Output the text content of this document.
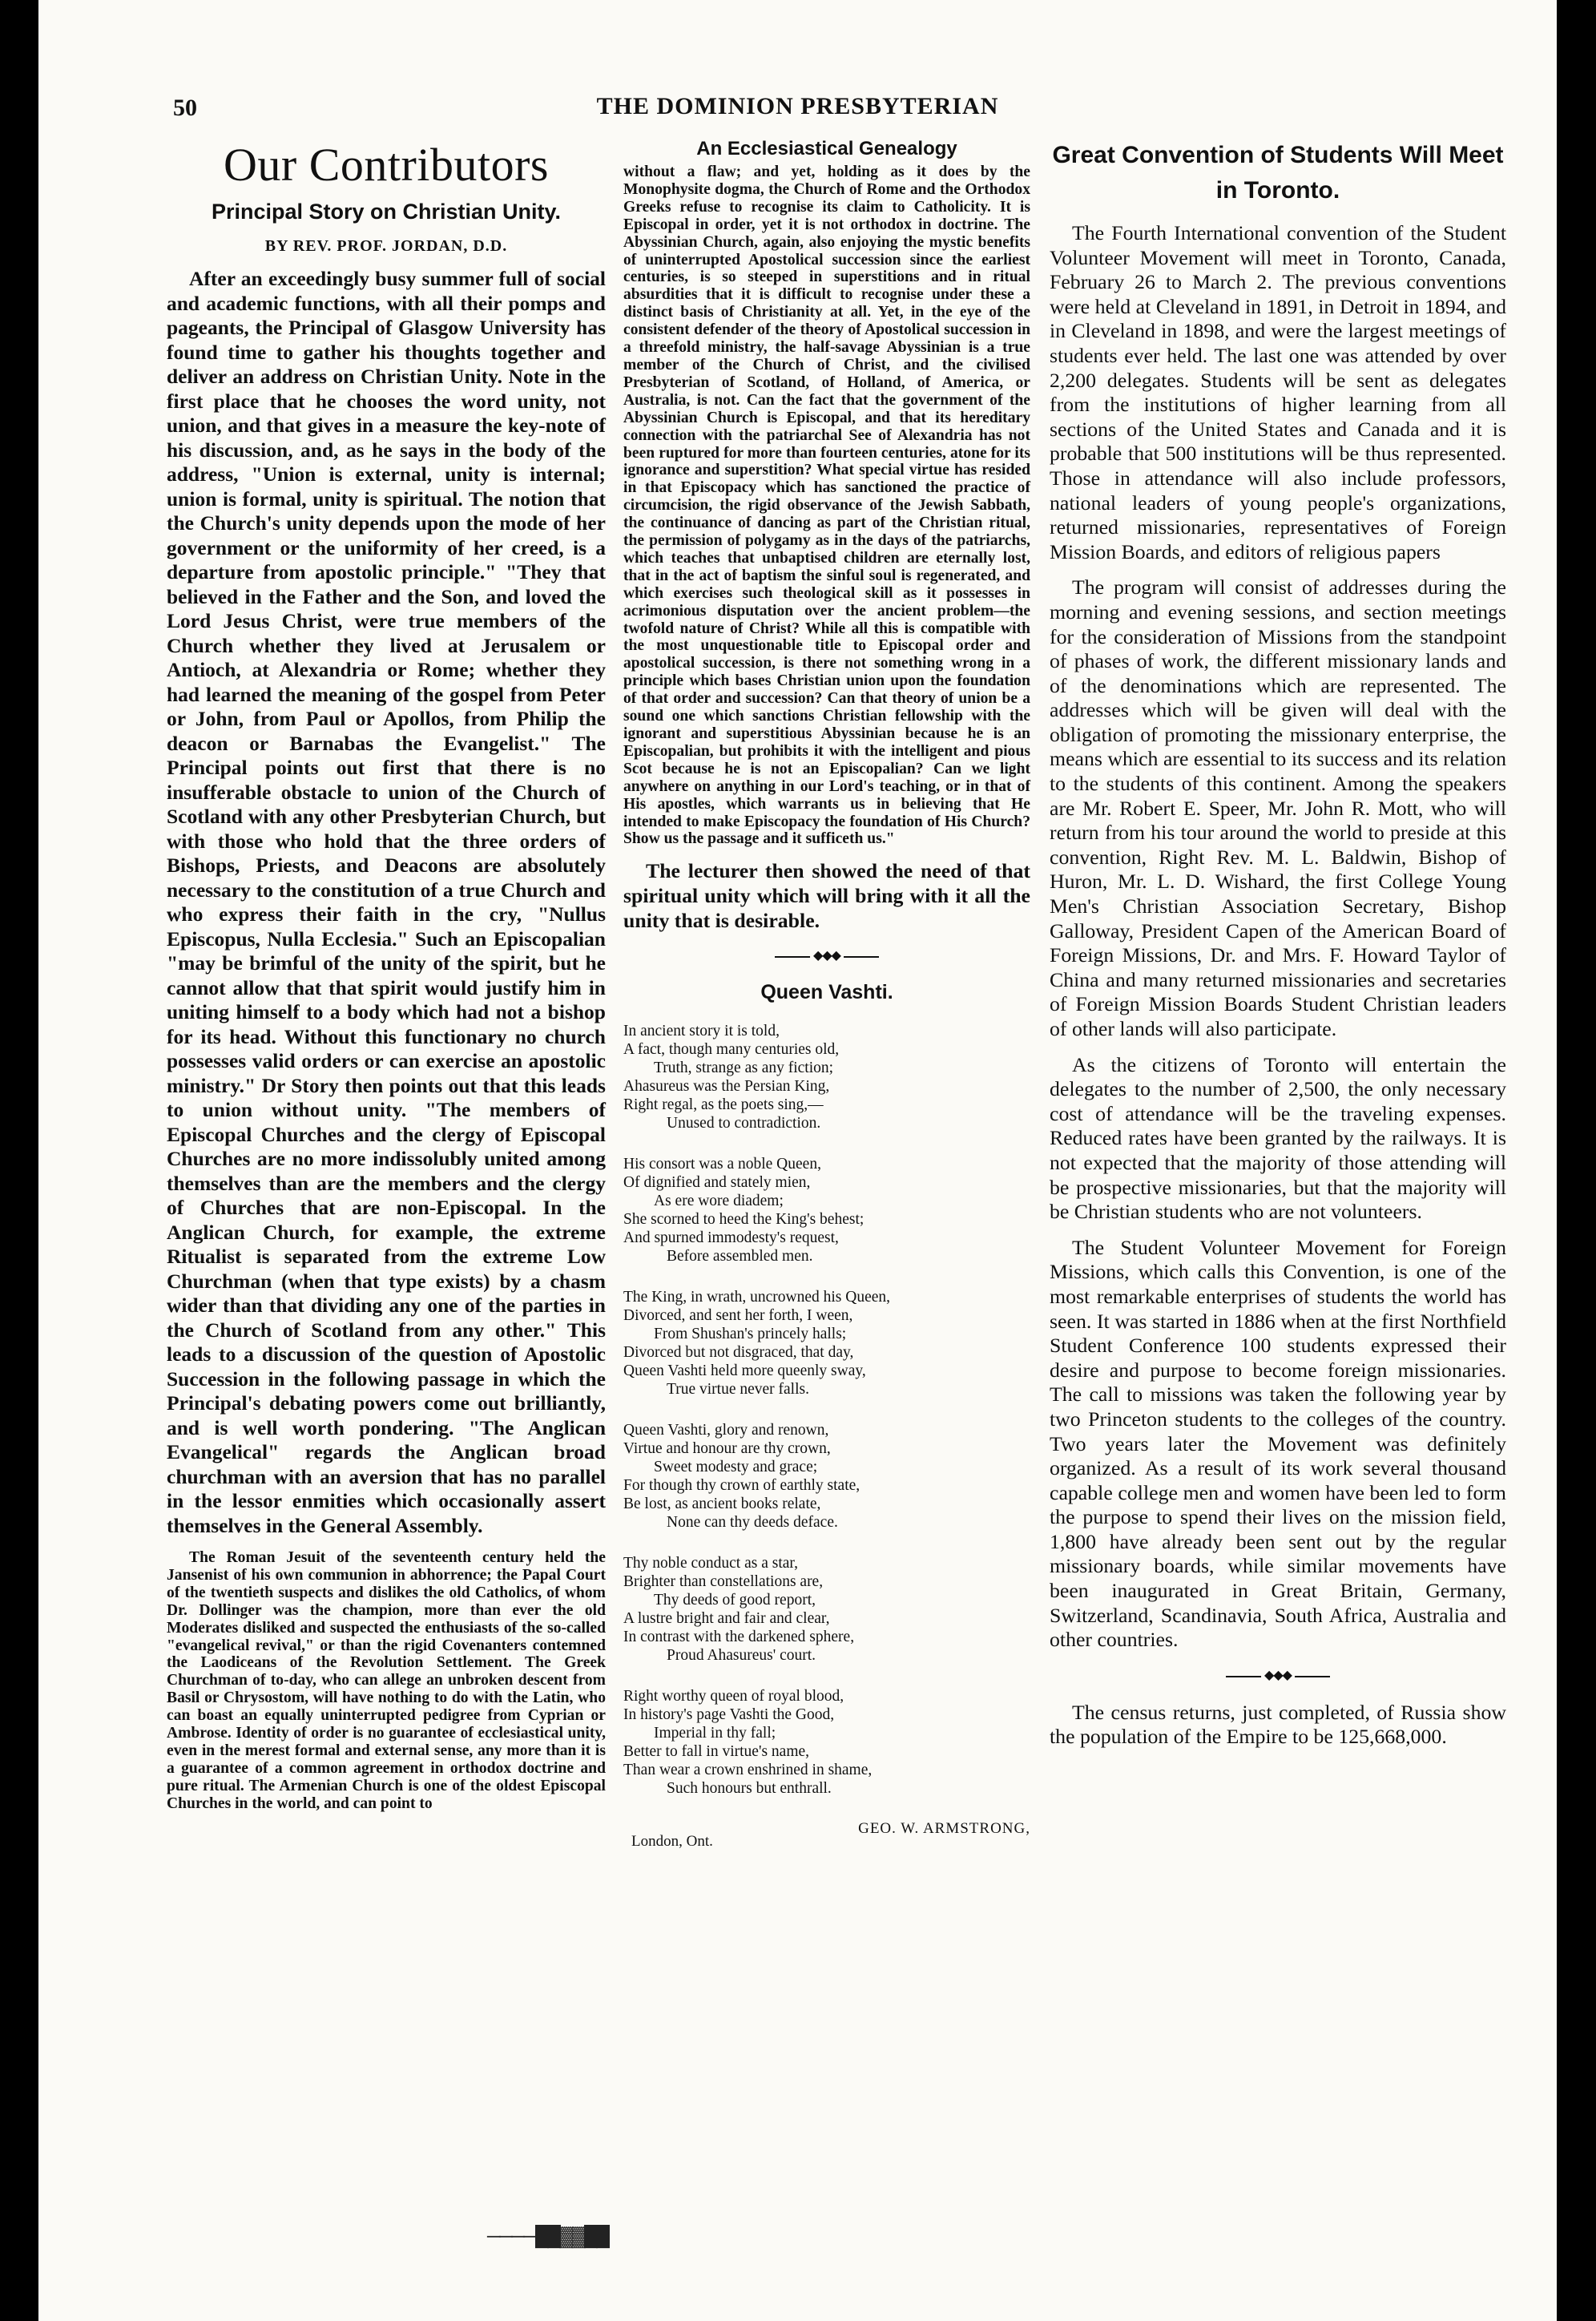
50	THE DOMINION PRESBYTERIAN
Our Contributors
Principal Story on Christian Unity.
BY REV. PROF. JORDAN, D.D.

After an exceedingly busy summer full of social and academic functions, with all their pomps and pageants, the Principal of Glasgow University has found time to gather his thoughts together and deliver an address on Christian Unity. Note in the first place that he chooses the word unity, not union, and that gives in a measure the key-note of his discussion, and, as he says in the body of the address, "Union is external, unity is internal; union is formal, unity is spiritual. The notion that the Church's unity depends upon the mode of her government or the uniformity of her creed, is a departure from apostolic principle." "They that believed in the Father and the Son, and loved the Lord Jesus Christ, were true members of the Church whether they lived at Jerusalem or Antioch, at Alexandria or Rome; whether they had learned the meaning of the gospel from Peter or John, from Paul or Apollos, from Philip the deacon or Barnabas the Evangelist." The Principal points out first that there is no insufferable obstacle to union of the Church of Scotland with any other Presbyterian Church, but with those who hold that the three orders of Bishops, Priests, and Deacons are absolutely necessary to the constitution of a true Church and who express their faith in the cry, "Nullus Episcopus, Nulla Ecclesia." Such an Episcopalian "may be brimful of the unity of the spirit, but he cannot allow that that spirit would justify him in uniting himself to a body which had not a bishop for its head. Without this functionary no church possesses valid orders or can exercise an apostolic ministry." Dr Story then points out that this leads to union without unity. "The members of Episcopal Churches and the clergy of Episcopal Churches are no more indissolubly united among themselves than are the members and the clergy of Churches that are non-Episcopal. In the Anglican Church, for example, the extreme Ritualist is separated from the extreme Low Churchman (when that type exists) by a chasm wider than that dividing any one of the parties in the Church of Scotland from any other." This leads to a discussion of the question of Apostolic Succession in the following passage in which the Principal's debating powers come out brilliantly, and is well worth pondering. "The Anglican Evangelical" regards the Anglican broad churchman with an aversion that has no parallel in the lessor enmities which occasionally assert themselves in the General Assembly.

The Roman Jesuit of the seventeenth century held the Jansenist of his own communion in abhorrence; the Papal Court of the twentieth suspects and dislikes the old Catholics, of whom Dr. Dollinger was the champion, more than ever the old Moderates disliked and suspected the enthusiasts of the so-called "evangelical revival," or than the rigid Covenanters contemned the Laodiceans of the Revolution Settlement. The Greek Churchman of to-day, who can allege an unbroken descent from Basil or Chrysostom, will have nothing to do with the Latin, who can boast an equally uninterrupted pedigree from Cyprian or Ambrose. Identity of order is no guarantee of ecclesiastical unity, even in the merest formal and external sense, any more than it is a guarantee of a common agreement in orthodox doctrine and pure ritual. The Armenian Church is one of the oldest Episcopal Churches in the world, and can point to

An Ecclesiastical Genealogy

without a flaw; and yet, holding as it does by the Monophysite dogma, the Church of Rome and the Orthodox Greeks refuse to recognise its claim to Catholicity. It is Episcopal in order, yet it is not orthodox in doctrine. The Abyssinian Church, again, also enjoying the mystic benefits of uninterrupted Apostolical succession since the earliest centuries, is so steeped in superstitions and in ritual absurdities that it is difficult to recognise under these a distinct basis of Christianity at all. Yet, in the eye of the consistent defender of the theory of Apostolical succession in a threefold ministry, the half-savage Abyssinian is a true member of the Church of Christ, and the civilised Presbyterian of Scotland, of Holland, of America, or Australia, is not. Can the fact that the government of the Abyssinian Church is Episcopal, and that its hereditary connection with the patriarchal See of Alexandria has not been ruptured for more than fourteen centuries, atone for its ignorance and superstition? What special virtue has resided in that Episcopacy which has sanctioned the practice of circumcision, the rigid observance of the Jewish Sabbath, the continuance of dancing as part of the Christian ritual, the permission of polygamy as in the days of the patriarchs, which teaches that unbaptised children are eternally lost, that in the act of baptism the sinful soul is regenerated, and which exercises such theological skill as it possesses in acrimonious disputation over the ancient problem—the twofold nature of Christ? While all this is compatible with the most unquestionable title to Episcopal order and apostolical succession, is there not something wrong in a principle which bases Christian union upon the foundation of that order and succession? Can that theory of union be a sound one which sanctions Christian fellowship with the ignorant and superstitious Abyssinian because he is an Episcopalian, but prohibits it with the intelligent and pious Scot because he is not an Episcopalian? Can we light anywhere on anything in our Lord's teaching, or in that of His apostles, which warrants us in believing that He intended to make Episcopacy the foundation of His Church? Show us the passage and it sufficeth us."

The lecturer then showed the need of that spiritual unity which will bring with it all the unity that is desirable.

◆◆◆
Queen Vashti.
In ancient story it is told,
A fact, though many centuries old,
Truth, strange as any fiction;
Ahasureus was the Persian King,
Right regal, as the poets sing,—
Unused to contradiction.
His consort was a noble Queen,
Of dignified and stately mien,
As ere wore diadem;
She scorned to heed the King's behest;
And spurned immodesty's request,
Before assembled men.
The King, in wrath, uncrowned his Queen,
Divorced, and sent her forth, I ween,
From Shushan's princely halls;
Divorced but not disgraced, that day,
Queen Vashti held more queenly sway,
True virtue never falls.
Queen Vashti, glory and renown,
Virtue and honour are thy crown,
Sweet modesty and grace;
For though thy crown of earthly state,
Be lost, as ancient books relate,
None can thy deeds deface.
Thy noble conduct as a star,
Brighter than constellations are,
Thy deeds of good report,
A lustre bright and fair and clear,
In contrast with the darkened sphere,
Proud Ahasureus' court.
Right worthy queen of royal blood,
In history's page Vashti the Good,
Imperial in thy fall;
Better to fall in virtue's name,
Than wear a crown enshrined in shame,
Such honours but enthrall.
London, Ont.
GEO. W. ARMSTRONG,
Great Convention of Students Will Meet in Toronto.

The Fourth International convention of the Student Volunteer Movement will meet in Toronto, Canada, February 26 to March 2. The previous conventions were held at Cleveland in 1891, in Detroit in 1894, and in Cleveland in 1898, and were the largest meetings of students ever held. The last one was attended by over 2,200 delegates. Students will be sent as delegates from the institutions of higher learning from all sections of the United States and Canada and it is probable that 500 institutions will be thus represented. Those in attendance will also include professors, national leaders of young people's organizations, returned missionaries, representatives of Foreign Mission Boards, and editors of religious papers

The program will consist of addresses during the morning and evening sessions, and section meetings for the consideration of Missions from the standpoint of phases of work, the different missionary lands and of the denominations which are represented. The addresses which will be given will deal with the obligation of promoting the missionary enterprise, the means which are essential to its success and its relation to the students of this continent. Among the speakers are Mr. Robert E. Speer, Mr. John R. Mott, who will return from his tour around the world to preside at this convention, Right Rev. M. L. Baldwin, Bishop of Huron, Mr. L. D. Wishard, the first College Young Men's Christian Association Secretary, Bishop Galloway, President Capen of the American Board of Foreign Missions, Dr. and Mrs. F. Howard Taylor of China and many returned missionaries and secretaries of Foreign Mission Boards Student Christian leaders of other lands will also participate.

As the citizens of Toronto will entertain the delegates to the number of 2,500, the only necessary cost of attendance will be the traveling expenses. Reduced rates have been granted by the railways. It is not expected that the majority of those attending will be prospective missionaries, but that the majority will be Christian students who are not volunteers.

The Student Volunteer Movement for Foreign Missions, which calls this Convention, is one of the most remarkable enterprises of students the world has seen. It was started in 1886 when at the first Northfield Student Conference 100 students expressed their desire and purpose to become foreign missionaries. The call to missions was taken the following year by two Princeton students to the colleges of the country. Two years later the Movement was definitely organized. As a result of its work several thousand capable college men and women have been led to form the purpose to spend their lives on the mission field, 1,800 have already been sent out by the regular missionary boards, while similar movements have been inaugurated in Great Britain, Germany, Switzerland, Scandinavia, South Africa, Australia and other countries.

◆◆◆

The census returns, just completed, of Russia show the population of the Empire to be 125,668,000.

────██▓▓██
